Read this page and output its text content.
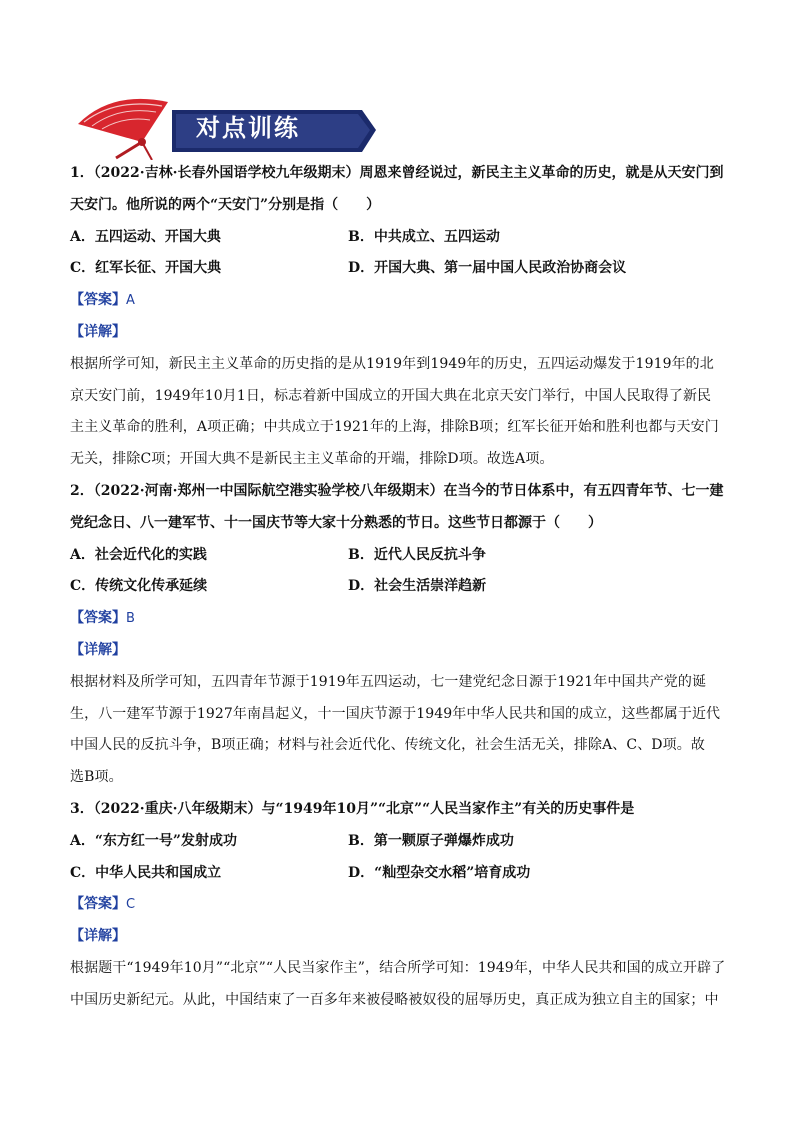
对点训练
1．（2022·吉林·长春外国语学校九年级期末）周恩来曾经说过，新民主主义革命的历史，就是从天安门到
天安门。他所说的两个“天安门”分别是指（　　）
A．五四运动、开国大典	B．中共成立、五四运动
C．红军长征、开国大典	D．开国大典、第一届中国人民政治协商会议
【答案】A
【详解】
根据所学可知，新民主主义革命的历史指的是从1919年到1949年的历史，五四运动爆发于1919年的北
京天安门前，1949年10月1日，标志着新中国成立的开国大典在北京天安门举行，中国人民取得了新民
主主义革命的胜利，A项正确；中共成立于1921年的上海，排除B项；红军长征开始和胜利也都与天安门
无关，排除C项；开国大典不是新民主主义革命的开端，排除D项。故选A项。
2．（2022·河南·郑州一中国际航空港实验学校八年级期末）在当今的节日体系中，有五四青年节、七一建
党纪念日、八一建军节、十一国庆节等大家十分熟悉的节日。这些节日都源于（　　）
A．社会近代化的实践	B．近代人民反抗斗争
C．传统文化传承延续	D．社会生活崇洋趋新
【答案】B
【详解】
根据材料及所学可知，五四青年节源于1919年五四运动，七一建党纪念日源于1921年中国共产党的诞
生，八一建军节源于1927年南昌起义，十一国庆节源于1949年中华人民共和国的成立，这些都属于近代
中国人民的反抗斗争，B项正确；材料与社会近代化、传统文化，社会生活无关，排除A、C、D项。故
选B项。
3．（2022·重庆·八年级期末）与“1949年10月”“北京”“人民当家作主”有关的历史事件是
A．“东方红一号”发射成功	B．第一颗原子弹爆炸成功
C．中华人民共和国成立	D．“籼型杂交水稻”培育成功
【答案】C
【详解】
根据题干“1949年10月”“北京”“人民当家作主”，结合所学可知：1949年，中华人民共和国的成立开辟了
中国历史新纪元。从此，中国结束了一百多年来被侵略被奴役的屈辱历史，真正成为独立自主的国家；中
